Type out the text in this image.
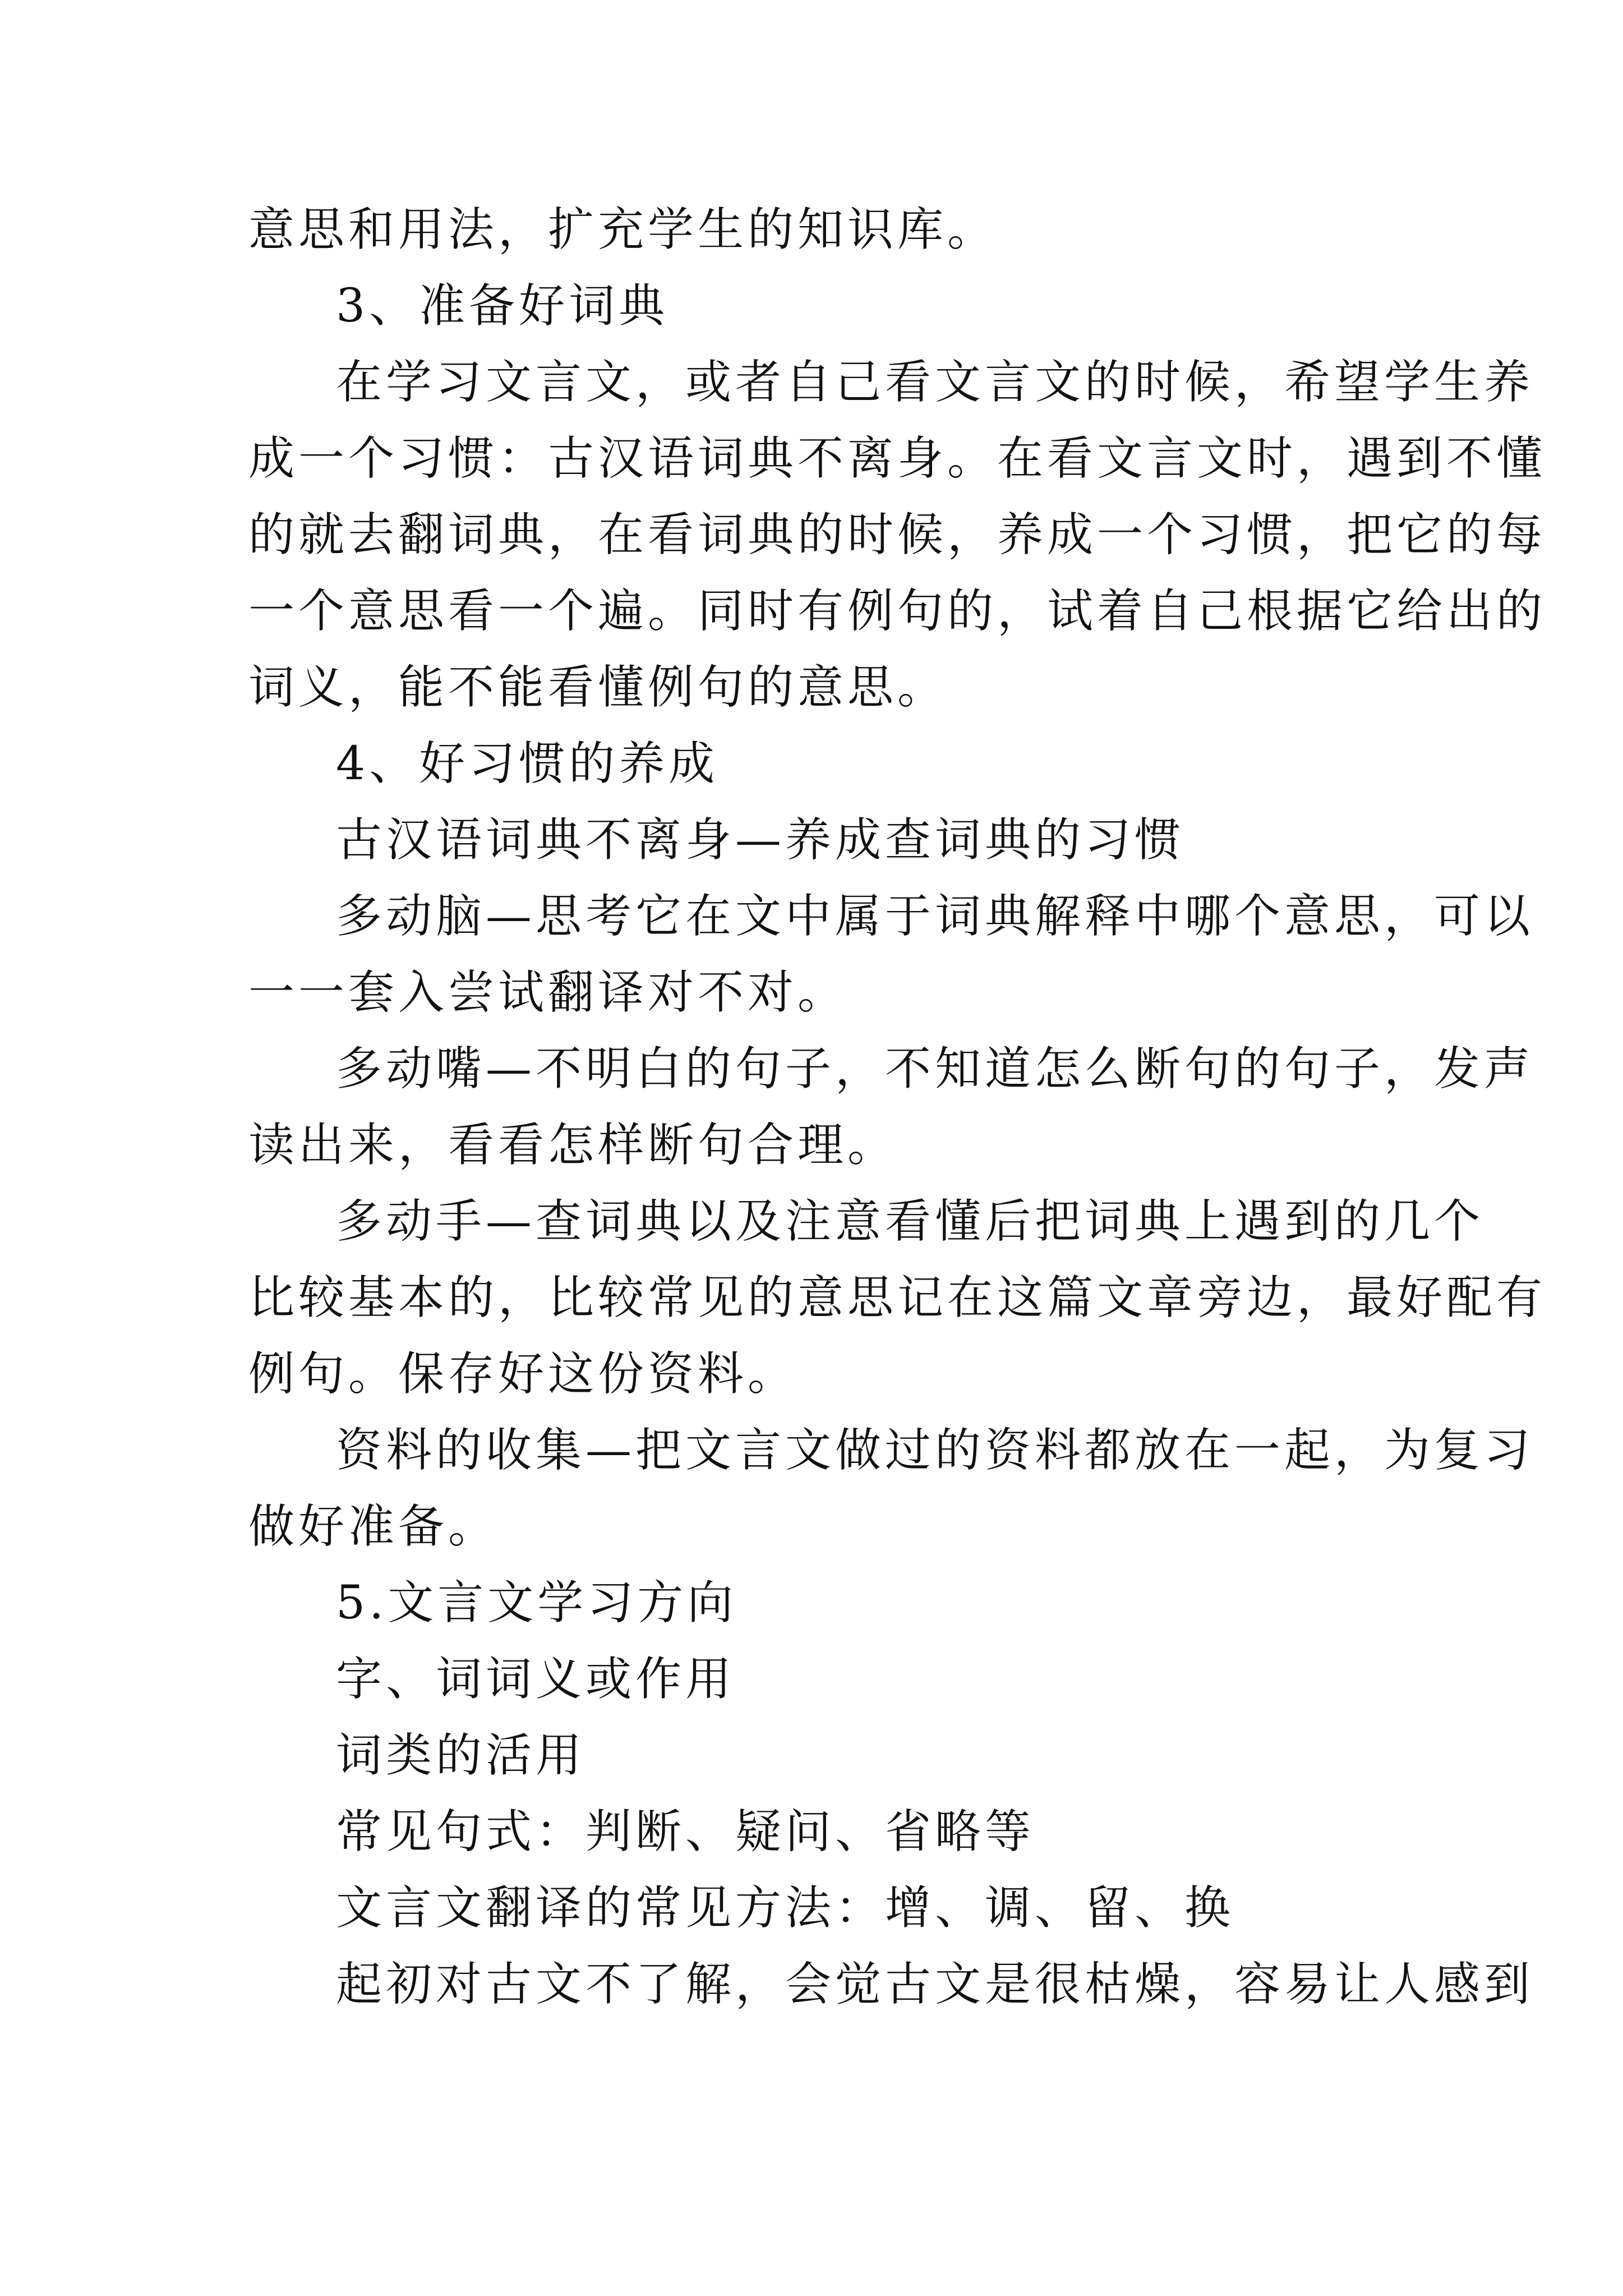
意思和用法，扩充学生的知识库。
3、准备好词典
在学习文言文，或者自己看文言文的时候，希望学生养
成一个习惯：古汉语词典不离身。在看文言文时，遇到不懂
的就去翻词典，在看词典的时候，养成一个习惯，把它的每
一个意思看一个遍。同时有例句的，试着自己根据它给出的
词义，能不能看懂例句的意思。
4、好习惯的养成
古汉语词典不离身—养成查词典的习惯
多动脑—思考它在文中属于词典解释中哪个意思，可以
一一套入尝试翻译对不对。
多动嘴—不明白的句子，不知道怎么断句的句子，发声
读出来，看看怎样断句合理。
多动手—查词典以及注意看懂后把词典上遇到的几个
比较基本的，比较常见的意思记在这篇文章旁边，最好配有
例句。保存好这份资料。
资料的收集—把文言文做过的资料都放在一起，为复习
做好准备。
5.文言文学习方向
字、词词义或作用
词类的活用
常见句式：判断、疑问、省略等
文言文翻译的常见方法：增、调、留、换
起初对古文不了解，会觉古文是很枯燥，容易让人感到
